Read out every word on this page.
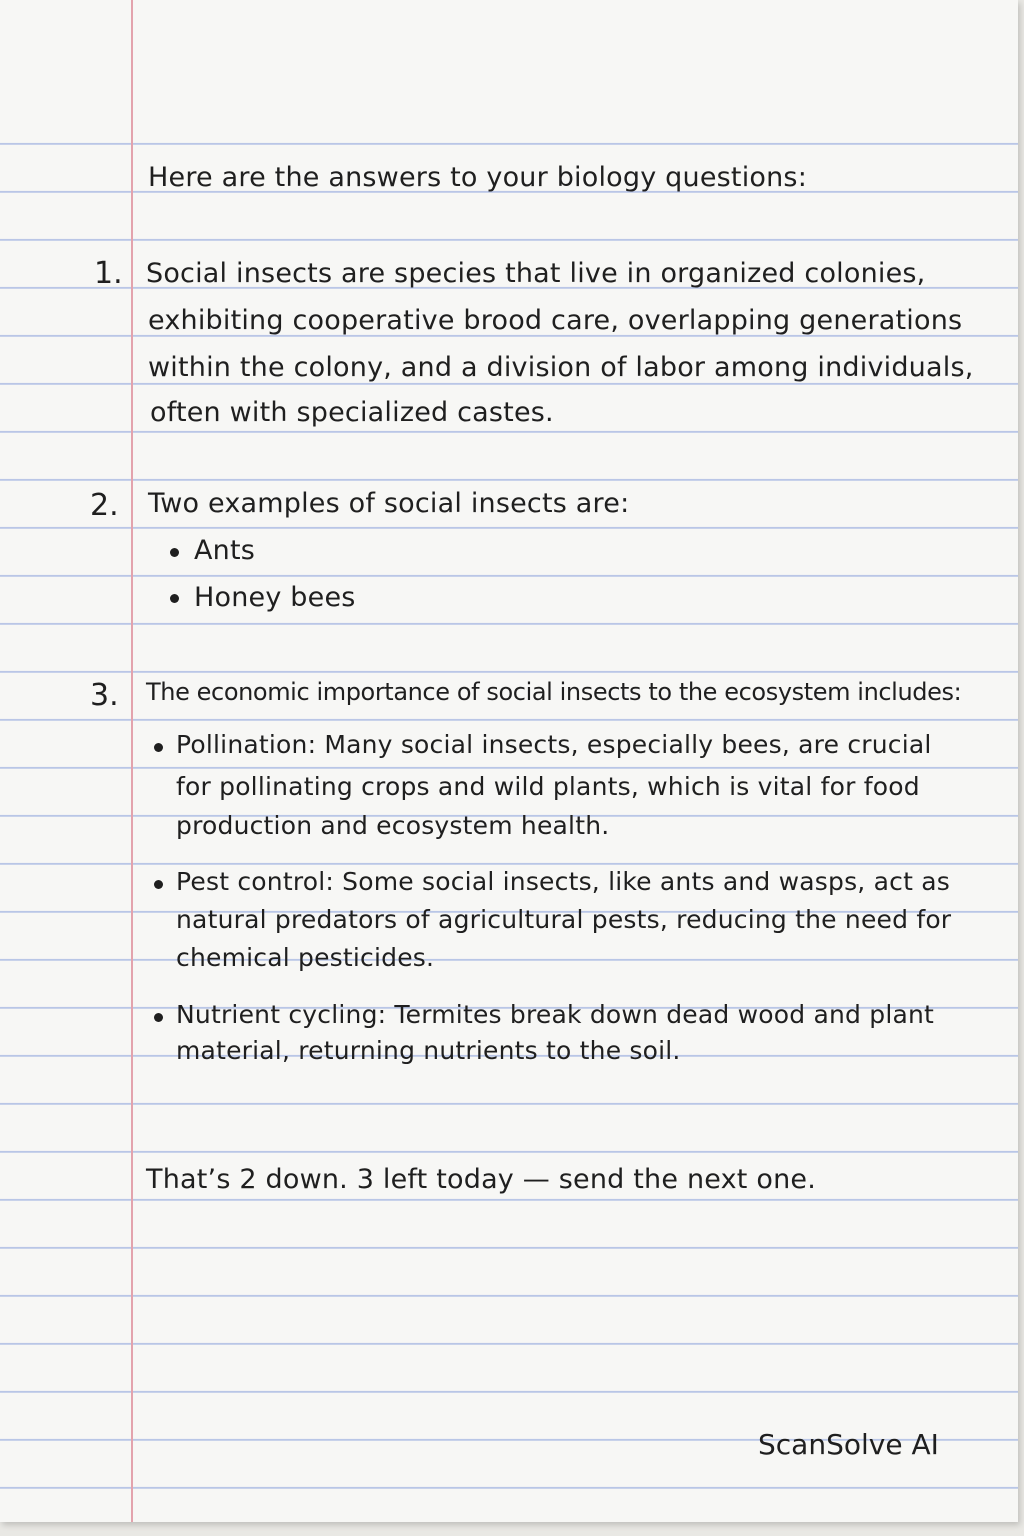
Here are the answers to your biology questions:
1. Social insects are species that live in organized colonies,
exhibiting cooperative brood care, overlapping generations
within the colony, and a division of labor among individuals,
often with specialized castes.
2. Two examples of social insects are:
Ants
Honey bees
3. The economic importance of social insects to the ecosystem includes:
Pollination: Many social insects, especially bees, are crucial
for pollinating crops and wild plants, which is vital for food
production and ecosystem health.
Pest control: Some social insects, like ants and wasps, act as
natural predators of agricultural pests, reducing the need for
chemical pesticides.
Nutrient cycling: Termites break down dead wood and plant
material, returning nutrients to the soil.
That’s 2 down. 3 left today — send the next one.
ScanSolve AI
